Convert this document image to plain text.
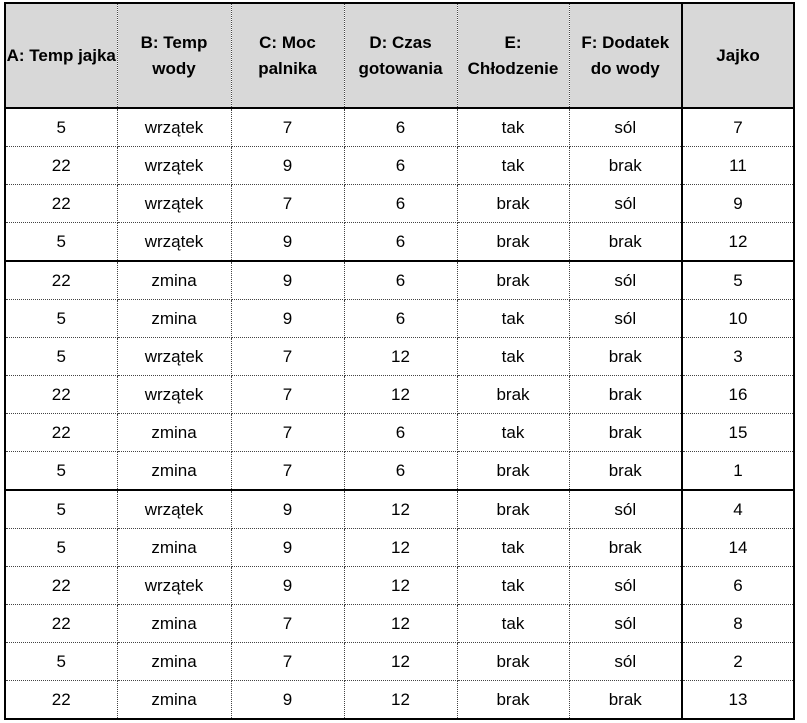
A: Temp jajka	B: Temp wody	C: Moc palnika	D: Czas gotowania	E: Chłodzenie	F: Dodatek do wody	Jajko
5	wrzątek	7	6	tak	sól	7
22	wrzątek	9	6	tak	brak	11
22	wrzątek	7	6	brak	sól	9
5	wrzątek	9	6	brak	brak	12
22	zmina	9	6	brak	sól	5
5	zmina	9	6	tak	sól	10
5	wrzątek	7	12	tak	brak	3
22	wrzątek	7	12	brak	brak	16
22	zmina	7	6	tak	brak	15
5	zmina	7	6	brak	brak	1
5	wrzątek	9	12	brak	sól	4
5	zmina	9	12	tak	brak	14
22	wrzątek	9	12	tak	sól	6
22	zmina	7	12	tak	sól	8
5	zmina	7	12	brak	sól	2
22	zmina	9	12	brak	brak	13
